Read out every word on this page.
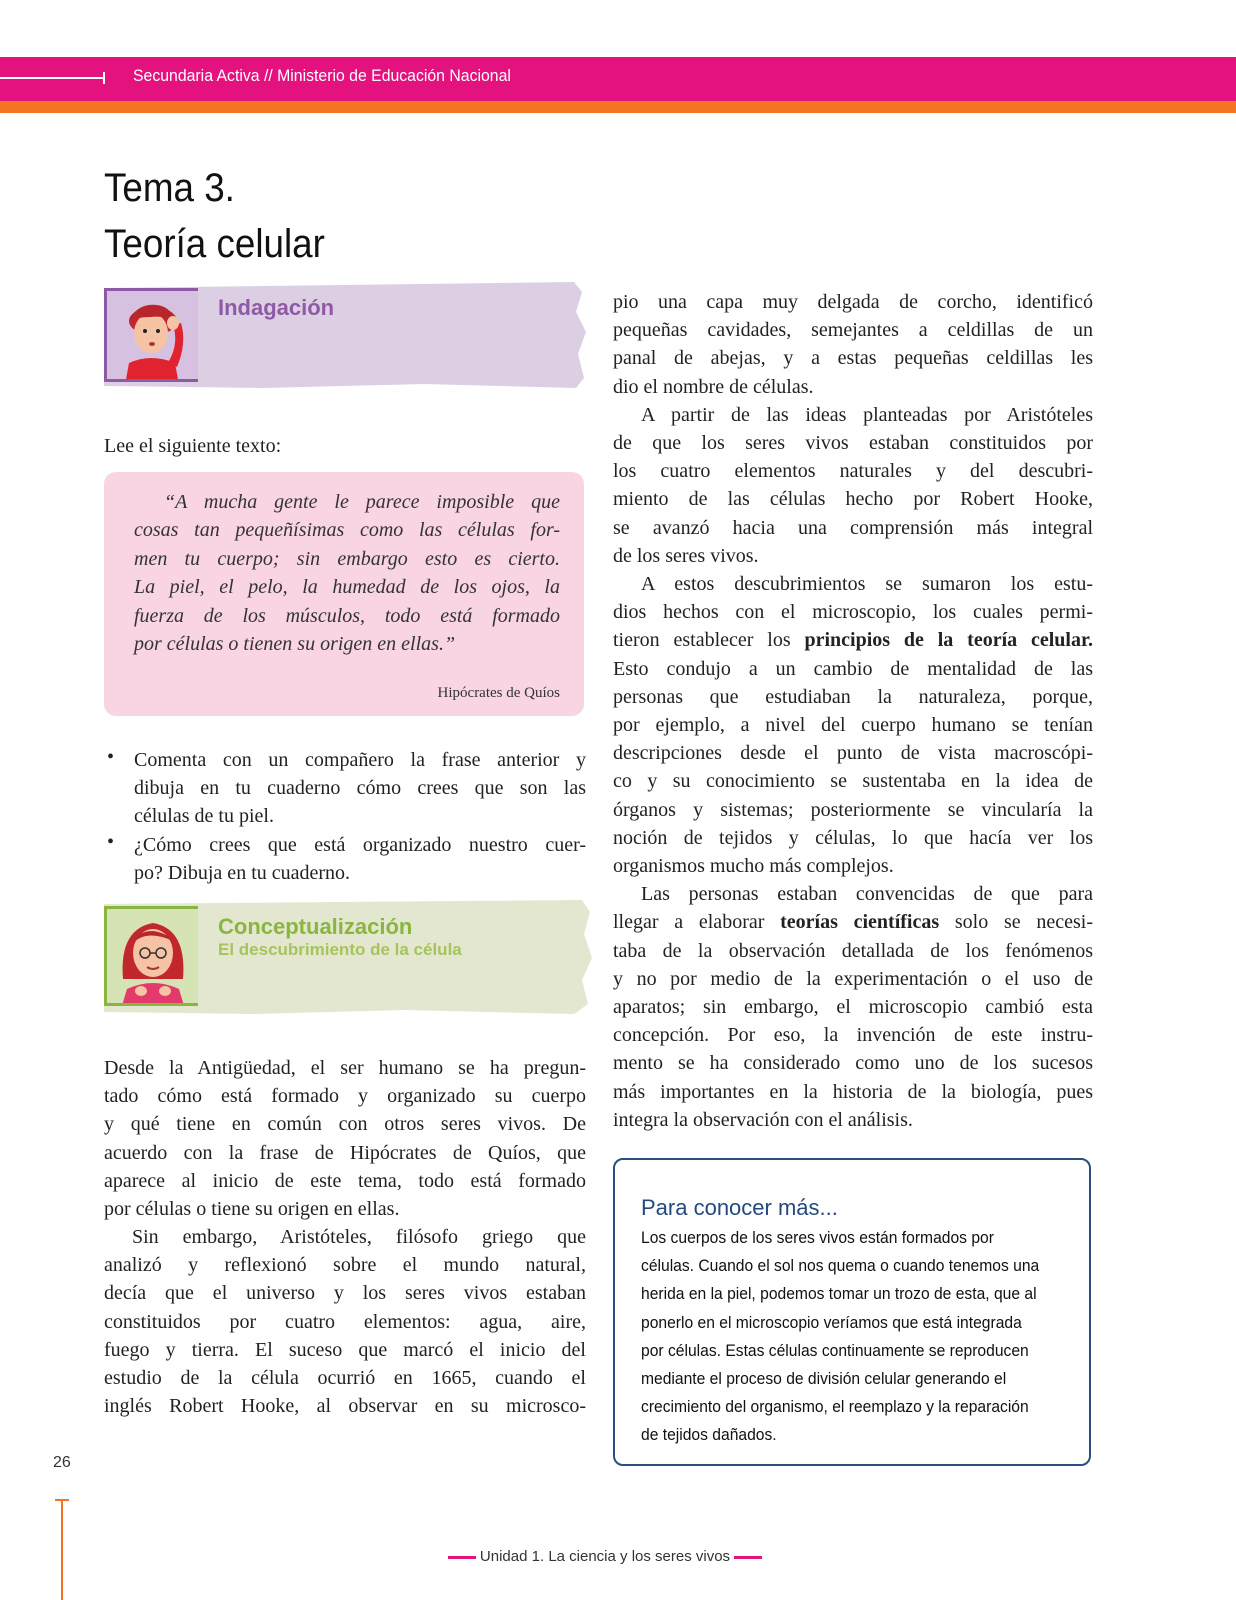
Secundaria Activa // Ministerio de Educación Nacional
Tema 3.
Teoría celular
Indagación
Lee el siguiente texto:
“A mucha gente le parece imposible que
cosas tan pequeñísimas como las células for-
men tu cuerpo; sin embargo esto es cierto.
La piel, el pelo, la humedad de los ojos, la
fuerza de los músculos, todo está formado
por células o tienen su origen en ellas.”
Hipócrates de Quíos
• Comenta con un compañero la frase anterior y
dibuja en tu cuaderno cómo crees que son las
células de tu piel.
• ¿Cómo crees que está organizado nuestro cuer-
po? Dibuja en tu cuaderno.
Conceptualización
El descubrimiento de la célula
Desde la Antigüedad, el ser humano se ha pregun-
tado cómo está formado y organizado su cuerpo
y qué tiene en común con otros seres vivos. De
acuerdo con la frase de Hipócrates de Quíos, que
aparece al inicio de este tema, todo está formado
por células o tiene su origen en ellas.
Sin embargo, Aristóteles, filósofo griego que
analizó y reflexionó sobre el mundo natural,
decía que el universo y los seres vivos estaban
constituidos por cuatro elementos: agua, aire,
fuego y tierra. El suceso que marcó el inicio del
estudio de la célula ocurrió en 1665, cuando el
inglés Robert Hooke, al observar en su microsco-
pio una capa muy delgada de corcho, identificó
pequeñas cavidades, semejantes a celdillas de un
panal de abejas, y a estas pequeñas celdillas les
dio el nombre de células.
A partir de las ideas planteadas por Aristóteles
de que los seres vivos estaban constituidos por
los cuatro elementos naturales y del descubri-
miento de las células hecho por Robert Hooke,
se avanzó hacia una comprensión más integral
de los seres vivos.
A estos descubrimientos se sumaron los estu-
dios hechos con el microscopio, los cuales permi-
tieron establecer los principios de la teoría celular.
Esto condujo a un cambio de mentalidad de las
personas que estudiaban la naturaleza, porque,
por ejemplo, a nivel del cuerpo humano se tenían
descripciones desde el punto de vista macroscópi-
co y su conocimiento se sustentaba en la idea de
órganos y sistemas; posteriormente se vincularía la
noción de tejidos y células, lo que hacía ver los
organismos mucho más complejos.
Las personas estaban convencidas de que para
llegar a elaborar teorías científicas solo se necesi-
taba de la observación detallada de los fenómenos
y no por medio de la experimentación o el uso de
aparatos; sin embargo, el microscopio cambió esta
concepción. Por eso, la invención de este instru-
mento se ha considerado como uno de los sucesos
más importantes en la historia de la biología, pues
integra la observación con el análisis.
Para conocer más...
Los cuerpos de los seres vivos están formados por
células. Cuando el sol nos quema o cuando tenemos una
herida en la piel, podemos tomar un trozo de esta, que al
ponerlo en el microscopio veríamos que está integrada
por células. Estas células continuamente se reproducen
mediante el proceso de división celular generando el
crecimiento del organismo, el reemplazo y la reparación
de tejidos dañados.
26
Unidad 1. La ciencia y los seres vivos
